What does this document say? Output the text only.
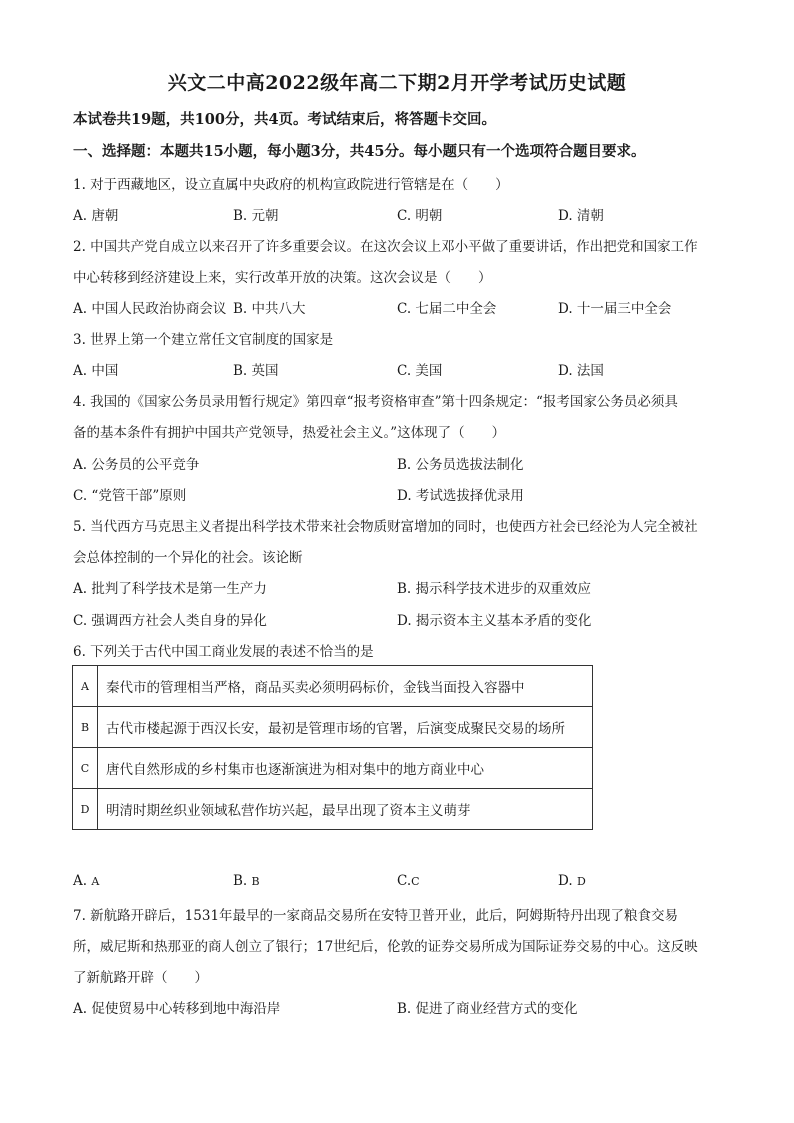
兴文二中高2022级年高二下期2月开学考试历史试题
本试卷共19题，共100分，共4页。考试结束后，将答题卡交回。
一、选择题：本题共15小题，每小题3分，共45分。每小题只有一个选项符合题目要求。
1. 对于西藏地区，设立直属中央政府的机构宣政院进行管辖是在（　　）
A. 唐朝	B. 元朝	C. 明朝	D. 清朝
2. 中国共产党自成立以来召开了许多重要会议。在这次会议上邓小平做了重要讲话，作出把党和国家工作
中心转移到经济建设上来，实行改革开放的决策。这次会议是（　　）
A. 中国人民政治协商会议 B. 中共八大	C. 七届二中全会	D. 十一届三中全会
3. 世界上第一个建立常任文官制度的国家是
A. 中国	B. 英国	C. 美国	D. 法国
4. 我国的《国家公务员录用暂行规定》第四章“报考资格审查”第十四条规定：“报考国家公务员必须具
备的基本条件有拥护中国共产党领导，热爱社会主义。”这体现了（　　）
A. 公务员的公平竞争	B. 公务员选拔法制化
C. “党管干部”原则	D. 考试选拔择优录用
5. 当代西方马克思主义者提出科学技术带来社会物质财富增加的同时，也使西方社会已经沦为人完全被社
会总体控制的一个异化的社会。该论断
A. 批判了科学技术是第一生产力	B. 揭示科学技术进步的双重效应
C. 强调西方社会人类自身的异化	D. 揭示资本主义基本矛盾的变化
6. 下列关于古代中国工商业发展的表述不恰当的是
A	秦代市的管理相当严格，商品买卖必须明码标价，金钱当面投入容器中
B	古代市楼起源于西汉长安，最初是管理市场的官署，后演变成聚民交易的场所
C	唐代自然形成的乡村集市也逐渐演进为相对集中的地方商业中心
D	明清时期丝织业领域私营作坊兴起，最早出现了资本主义萌芽
A. A	B. B	C.C	D. D
7. 新航路开辟后，1531年最早的一家商品交易所在安特卫普开业，此后，阿姆斯特丹出现了粮食交易
所，威尼斯和热那亚的商人创立了银行；17世纪后，伦敦的证券交易所成为国际证券交易的中心。这反映
了新航路开辟（　　）
A. 促使贸易中心转移到地中海沿岸	B. 促进了商业经营方式的变化
